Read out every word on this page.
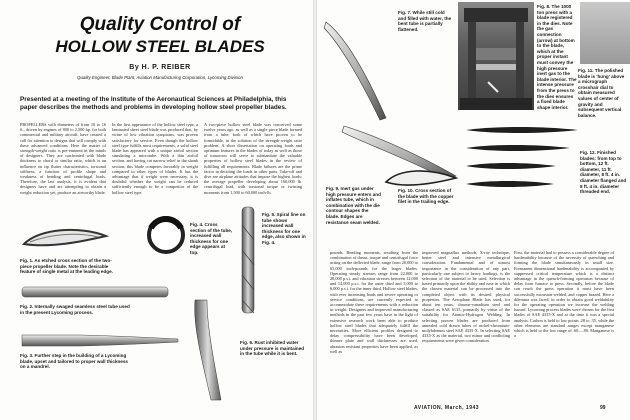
Quality Control of
HOLLOW STEEL BLADES
By H. P. REIBER
Quality Engineer, Blade Plant, Aviation Manufacturing Corporation, Lycoming Division
Presented at a meeting of the Institute of the Aeronautical Sciences at Philadelphia, this paper describes the methods and problems in developing hollow steel propeller blades.
PROPELLERS with diameters of from 10 to 16 ft., driven by engines of 800 to 2,500 hp. for both commercial and military aircraft, have created a call for attention to designs that will comply with these advanced conditions. Here the matter of strength-weight ratio is pre-eminent in the minds of designers. They are confronted with blade thickness to chord or similar ratio, which is an influence on tip flutter characteristics, torsional stiffness, a function of profile shape and weakness of bending and centrifugal loads. Therefore, the last analysis, it is evident that designers have and are attempting to obtain a weight reduction yet, produce an airworthy blade.
In the first appearance of the hollow steel type, a laminated sheet steel blade was produced that, by virtue of low vibration symptoms, was proven satisfactory for service. Even though the hollow steel type fulfills most requirements, a solid steel blade has appeared with a unique airfoil section simulating a microtube. With a thin airfoil section, and having cut narrow relief in the shank section, this blade competes favorably in weight compared to other types of blades. It has the advantage that if weight were necessary, it is doubtful whether the weight can be reduced sufficiently enough to be a competitor of the hollow steel type.
A two-piece hollow steel blade was conceived some twelve years ago, as well as a single piece blade formed from a tube, both of which have proven to be formidable, in the solution of the strength-weight ratio problem. A short dissertation on operating loads and optimum features in the blades of today as well as those of tomorrow will serve to substantiate the valuable properties of hollow steel blades in the review of fulfilling all requirements. Blade failures are the prime factor in deciding the loads in other parts. Take-off and dive are airplane attitudes that impose the highest loads; the average propeller developing about 160,000 lb. centrifugal load, with torsional torque or twisting moments from 1,500 to 60,000 inch-lb.
Fig. 1. As etched cross section of the two-piece propeller blade. Note the desirable feature of single metal at the leading edge.
Fig. 2. Internally swaged seamless steel tube used in the present Lycoming process.
Fig. 3. Further step in the building of a Lycoming blade, upset and tailored to proper wall thickness on a mandrel.
Fig. 4. Cross section of the tube, increased wall thickness for one edge appears at top.
Fig. 5. Spiral line on tube shows increased wall thickness for one edge, also shown in Fig. 4.
Fig. 6. Rust inhibited water under pressure is maintained in the tube while it is bent.
Fig. 7. While still cold and filled with water, the bent tube is partially flattened.
Fig. 8. The 1000 ton press with a blade registered in the dies. Note the gas connection (arrow) at bottom to the blade, which at the proper instant must convey the high pressure inert gas to the blade interior. The intense pressure from the press to the dies ensures a fixed blade shape interior.
Fig. 11. The polished blade is 'hung' above a micrograph crosshair dial to obtain measured values of center of gravity and subsequent vertical balance.
Fig. 9. Inert gas under high pressure enters and inflates tube, which in combination with the die contour shapes the blade. Edges are resistance seam welded.
Fig. 10. Cross section of the blade with the copper filet in the trailing edge.
Fig. 12. Finished blades: from top to bottom, 12 ft. diameter, 11 ft. diameter, 8 ft. 4 in. diameter flanged and 8 ft. 4 in. diameter threaded end.
pounds. Bending moments, resulting from the combination of thrust, torque and centrifugal force acting on the deflected blade, range from 20,000 to 65,000 inch-pounds for the larger blades. Operating steady stresses range from 22,000 to 28,000 p.s.i. and vibration stresses between 12,000 and 14,000 p.s.i. for the outer third and 5,000 to 6,000 p.s.i. for the inner third. Hollow steel blades, with ever increasing loads and severe operating or service conditions, are currently expected to accommodate these requirements with a reduction in weight. Designers and improved manufacturing methods in the past few years have in the light of extensive research work been able to produce hollow steel blades that adequately fulfill the necessities. More efficient profiles designed to delay compressibility have been developed, thinner plate and wall thicknesses are used, abrasion resistant properties have been applied, as well as
improved magnaflux methods, X-ray technique, better steel and intensive metallurgical consideration. Fundamental and of utmost importance in the consideration of any part, particularly one subject to heavy loadings, is the selection of the material to be used. Selection is based primarily upon the ability and ease in which the chosen material can be processed into the completed object with its desired physical properties. The Aeroplane Blade has used, for about ten years, chrome-vanadium steel and classed as SAE 6135, primarily by virtue of the suitability for Atomic-Hydrogen Welding. In selecting proven blades are produced from annealed cold drawn tubes of nickel-chromium-molybdenum steel SAE 4335-X. In selecting SAE 4335-X as the material, two minor and conflicting requirements were given consideration.
First, the material had to possess a considerable degree of hardenability because of the necessity of quenching and forming the blade simultaneously in small size. Formanent dimensional hardenability is accompanied by suppressed critical temperature which is a distinct advantage in the quench-forming operation because of delay from furnace to press. Secondly, before the blade can reach the press operation it must have been successfully extrusion-welded, and copper brazed. Here a dilemma was faced; in order to obtain good weldability for the operating operation we increase the welding hazard. Lycoming process blades were chosen for the first blades of SAE 4335-X and at the time it was a special analysis. Carbon is held to low points .28 to .35, while the other elements are standard ranges except manganese which is held to the low range of .60—.80. Manganese is a
AVIATION, March, 1943	99
